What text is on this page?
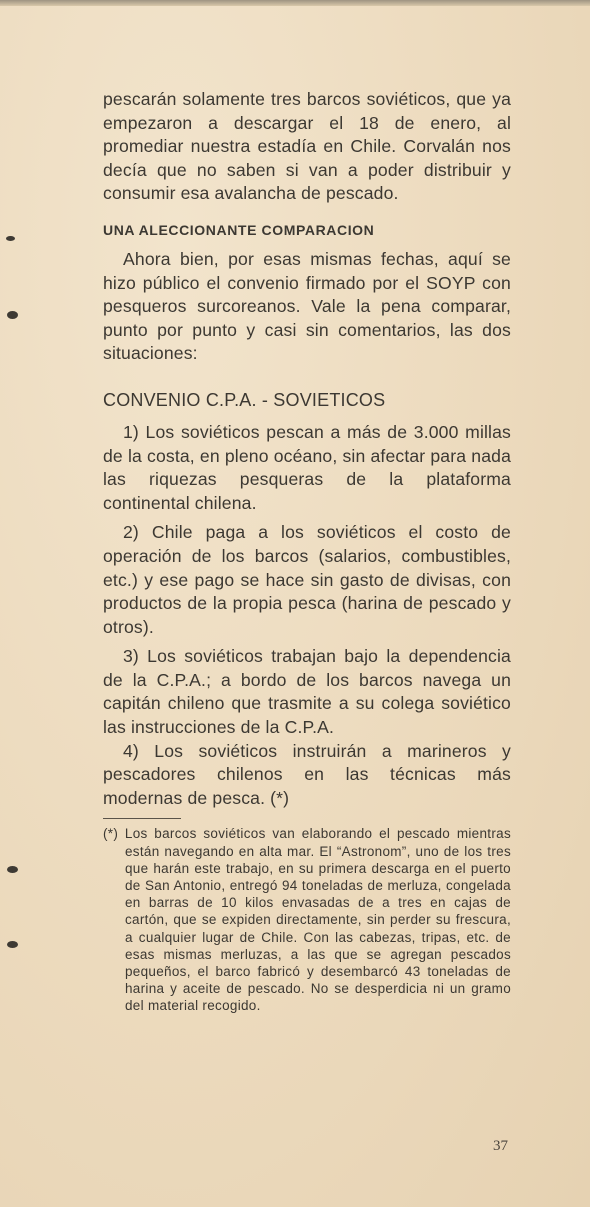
pescarán solamente tres barcos soviéticos, que ya empezaron a descargar el 18 de enero, al promediar nuestra estadía en Chile. Corvalán nos decía que no saben si van a poder distribuir y consumir esa avalancha de pescado.

UNA ALECCIONANTE COMPARACION

Ahora bien, por esas mismas fechas, aquí se hizo público el convenio firmado por el SOYP con pesqueros surcoreanos. Vale la pena comparar, punto por punto y casi sin comentarios, las dos situaciones:

CONVENIO C.P.A. - SOVIETICOS

1) Los soviéticos pescan a más de 3.000 millas de la costa, en pleno océano, sin afectar para nada las riquezas pesqueras de la plataforma continental chilena.

2) Chile paga a los soviéticos el costo de operación de los barcos (salarios, combustibles, etc.) y ese pago se hace sin gasto de divisas, con productos de la propia pesca (harina de pescado y otros).

3) Los soviéticos trabajan bajo la dependencia de la C.P.A.; a bordo de los barcos navega un capitán chileno que trasmite a su colega soviético las instrucciones de la C.P.A.

4) Los soviéticos instruirán a marineros y pescadores chilenos en las técnicas más modernas de pesca. (*)

(*) Los barcos soviéticos van elaborando el pescado mientras están navegando en alta mar. El “Astronom”, uno de los tres que harán este trabajo, en su primera descarga en el puerto de San Antonio, entregó 94 toneladas de merluza, congelada en barras de 10 kilos envasadas de a tres en cajas de cartón, que se expiden directamente, sin perder su frescura, a cualquier lugar de Chile. Con las cabezas, tripas, etc. de esas mismas merluzas, a las que se agregan pescados pequeños, el barco fabricó y desembarcó 43 toneladas de harina y aceite de pescado. No se desperdicia ni un gramo del material recogido.

37
